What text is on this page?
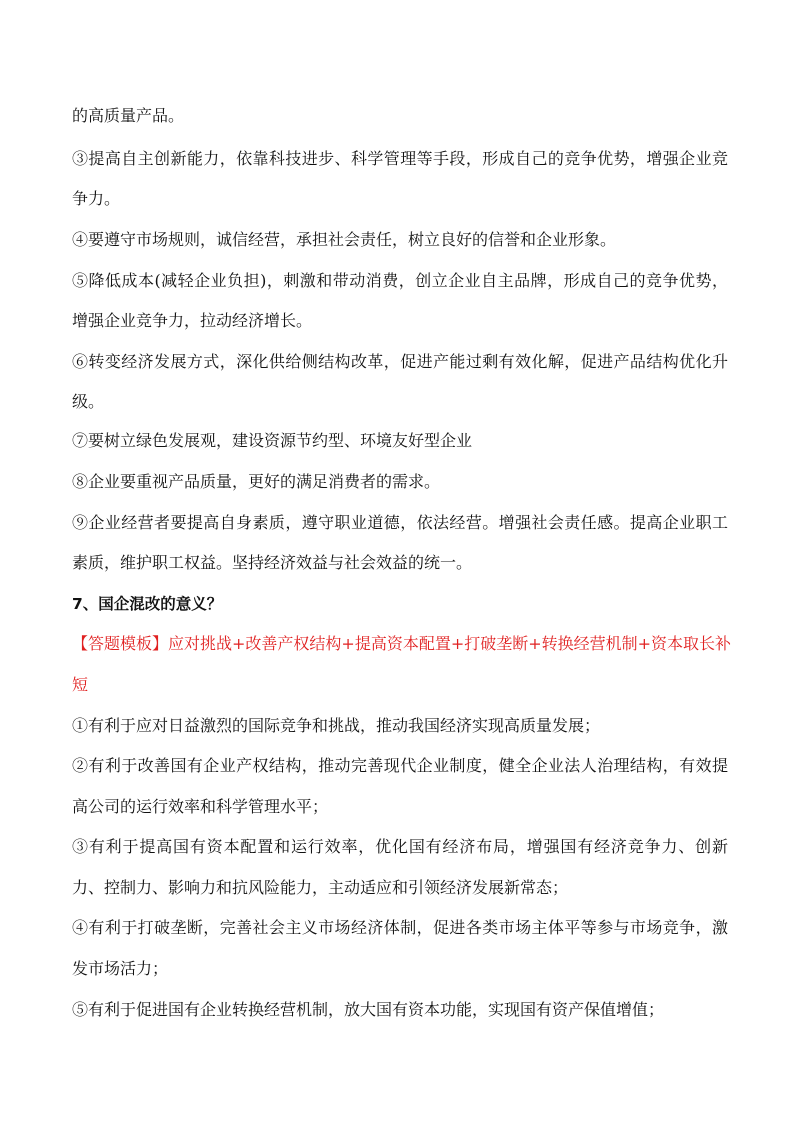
的高质量产品。
③提高自主创新能力，依靠科技进步、科学管理等手段，形成自己的竞争优势，增强企业竞
争力。
④要遵守市场规则，诚信经营，承担社会责任，树立良好的信誉和企业形象。
⑤降低成本(减轻企业负担)，刺激和带动消费，创立企业自主品牌，形成自己的竞争优势，
增强企业竞争力，拉动经济增长。
⑥转变经济发展方式，深化供给侧结构改革，促进产能过剩有效化解，促进产品结构优化升
级。
⑦要树立绿色发展观，建设资源节约型、环境友好型企业
⑧企业要重视产品质量，更好的满足消费者的需求。
⑨企业经营者要提高自身素质，遵守职业道德，依法经营。增强社会责任感。提高企业职工
素质，维护职工权益。坚持经济效益与社会效益的统一。
7、国企混改的意义？
【答题模板】应对挑战+改善产权结构+提高资本配置+打破垄断+转换经营机制+资本取长补
短
①有利于应对日益激烈的国际竞争和挑战，推动我国经济实现高质量发展；
②有利于改善国有企业产权结构，推动完善现代企业制度，健全企业法人治理结构，有效提
高公司的运行效率和科学管理水平；
③有利于提高国有资本配置和运行效率，优化国有经济布局，增强国有经济竞争力、创新
力、控制力、影响力和抗风险能力，主动适应和引领经济发展新常态；
④有利于打破垄断，完善社会主义市场经济体制，促进各类市场主体平等参与市场竞争，激
发市场活力；
⑤有利于促进国有企业转换经营机制，放大国有资本功能，实现国有资产保值增值；
